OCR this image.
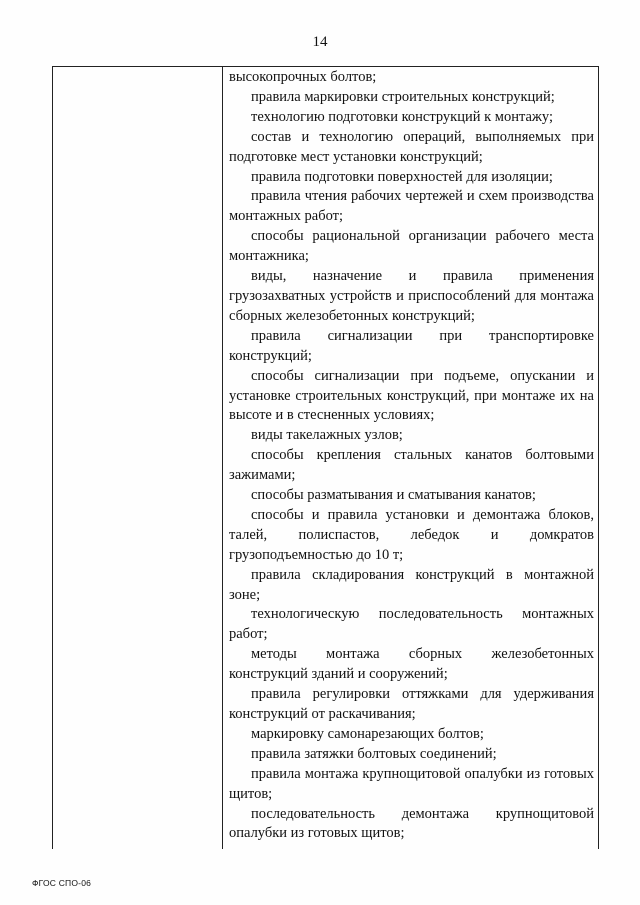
14

высокопрочных болтов;

правила маркировки строительных конструкций;

технологию подготовки конструкций к монтажу;

состав и технологию операций, выполняемых при подготовке мест установки конструкций;

правила подготовки поверхностей для изоляции;

правила чтения рабочих чертежей и схем производства монтажных работ;

способы рациональной организации рабочего места монтажника;

виды, назначение и правила применения грузозахватных устройств и приспособлений для монтажа сборных железобетонных конструкций;

правила сигнализации при транспортировке конструкций;

способы сигнализации при подъеме, опускании и установке строительных конструкций, при монтаже их на высоте и в стесненных условиях;

виды такелажных узлов;

способы крепления стальных канатов болтовыми зажимами;

способы разматывания и сматывания канатов;

способы и правила установки и демонтажа блоков, талей, полиспастов, лебедок и домкратов грузоподъемностью до 10 т;

правила складирования конструкций в монтажной зоне;

технологическую последовательность монтажных работ;

методы монтажа сборных железобетонных конструкций зданий и сооружений;

правила регулировки оттяжками для удерживания конструкций от раскачивания;

маркировку самонарезающих болтов;

правила затяжки болтовых соединений;

правила монтажа крупнощитовой опалубки из готовых щитов;

последовательность демонтажа крупнощитовой опалубки из готовых щитов;

ФГОС СПО-06
